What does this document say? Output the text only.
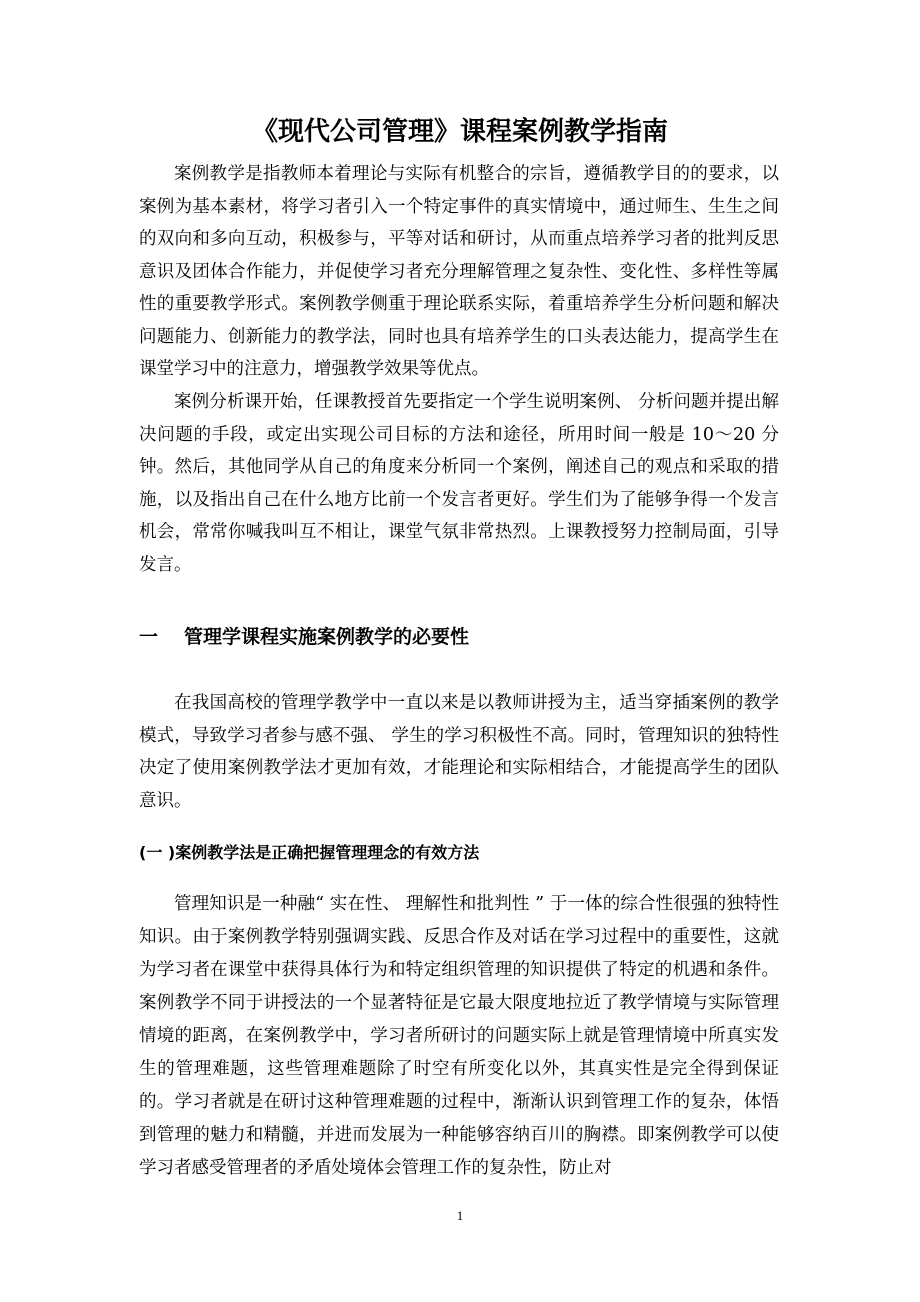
《现代公司管理》课程案例教学指南

案例教学是指教师本着理论与实际有机整合的宗旨，遵循教学目的的要求，以案例为基本素材，将学习者引入一个特定事件的真实情境中，通过师生、生生之间的双向和多向互动，积极参与，平等对话和研讨，从而重点培养学习者的批判反思意识及团体合作能力，并促使学习者充分理解管理之复杂性、变化性、多样性等属性的重要教学形式。案例教学侧重于理论联系实际，着重培养学生分析问题和解决问题能力、创新能力的教学法，同时也具有培养学生的口头表达能力，提高学生在课堂学习中的注意力，增强教学效果等优点。

案例分析课开始，任课教授首先要指定一个学生说明案例、 分析问题并提出解决问题的手段，或定出实现公司目标的方法和途径，所用时间一般是 10～20 分钟。然后，其他同学从自己的角度来分析同一个案例，阐述自己的观点和采取的措施，以及指出自己在什么地方比前一个发言者更好。学生们为了能够争得一个发言机会，常常你喊我叫互不相让，课堂气氛非常热烈。上课教授努力控制局面，引导发言。

一 管理学课程实施案例教学的必要性

在我国高校的管理学教学中一直以来是以教师讲授为主，适当穿插案例的教学模式，导致学习者参与感不强、 学生的学习积极性不高。同时，管理知识的独特性决定了使用案例教学法才更加有效，才能理论和实际相结合，才能提高学生的团队意识。

(一 )案例教学法是正确把握管理理念的有效方法

管理知识是一种融“ 实在性、 理解性和批判性 ” 于一体的综合性很强的独特性知识。由于案例教学特别强调实践、反思合作及对话在学习过程中的重要性，这就为学习者在课堂中获得具体行为和特定组织管理的知识提供了特定的机遇和条件。案例教学不同于讲授法的一个显著特征是它最大限度地拉近了教学情境与实际管理情境的距离，在案例教学中，学习者所研讨的问题实际上就是管理情境中所真实发生的管理难题，这些管理难题除了时空有所变化以外，其真实性是完全得到保证的。学习者就是在研讨这种管理难题的过程中，渐渐认识到管理工作的复杂，体悟到管理的魅力和精髓，并进而发展为一种能够容纳百川的胸襟。即案例教学可以使学习者感受管理者的矛盾处境体会管理工作的复杂性，防止对

1
